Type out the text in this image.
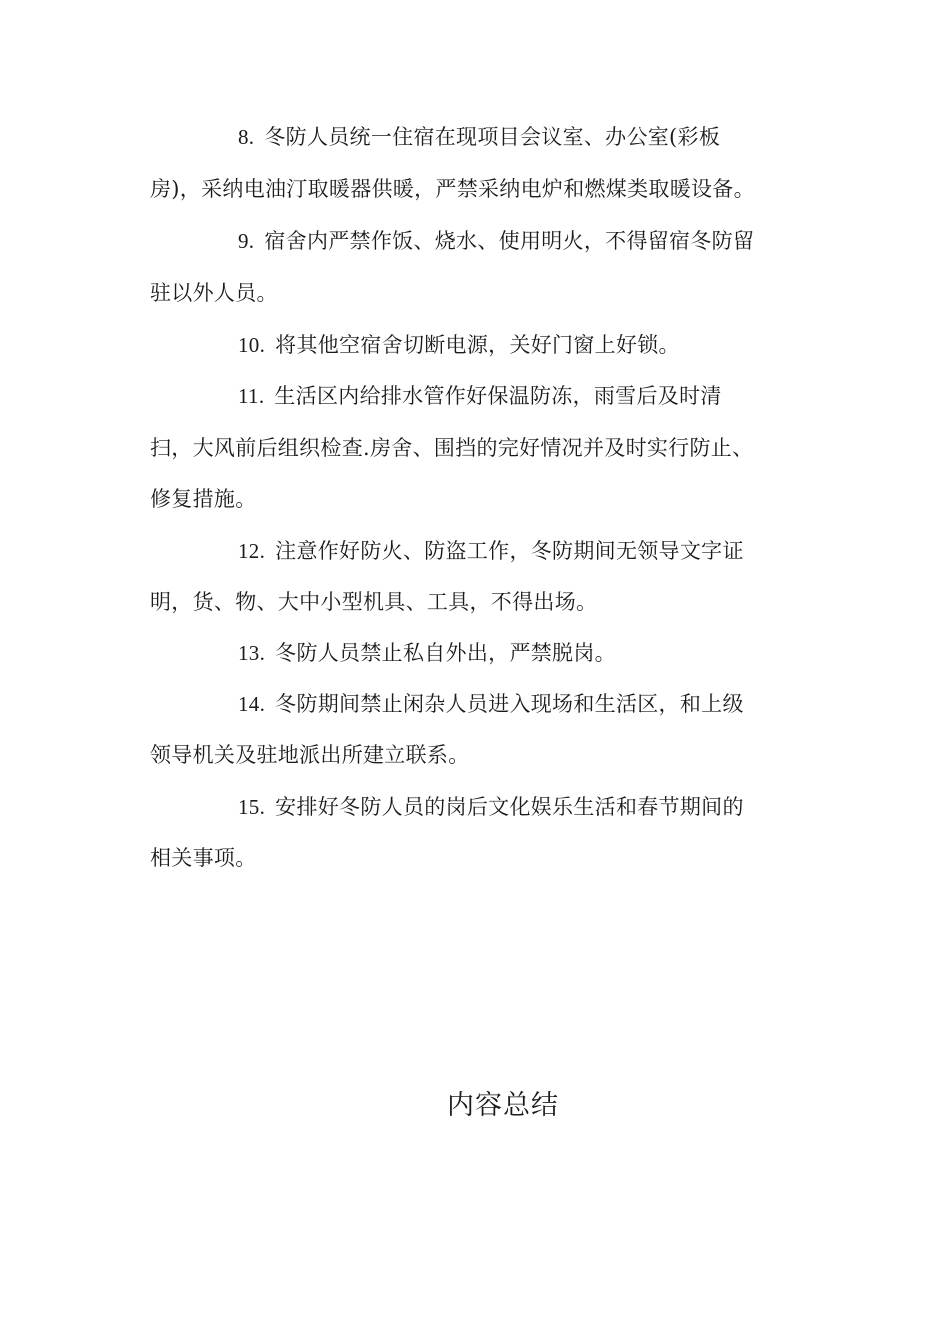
8. 冬防人员统一住宿在现项目会议室、办公室(彩板
房)，采纳电油汀取暖器供暖，严禁采纳电炉和燃煤类取暖设备。
9. 宿舍内严禁作饭、烧水、使用明火，不得留宿冬防留
驻以外人员。
10. 将其他空宿舍切断电源，关好门窗上好锁。
11. 生活区内给排水管作好保温防冻，雨雪后及时清
扫，大风前后组织检查.房舍、围挡的完好情况并及时实行防止、
修复措施。
12. 注意作好防火、防盗工作，冬防期间无领导文字证
明，货、物、大中小型机具、工具，不得出场。
13. 冬防人员禁止私自外出，严禁脱岗。
14. 冬防期间禁止闲杂人员进入现场和生活区，和上级
领导机关及驻地派出所建立联系。
15. 安排好冬防人员的岗后文化娱乐生活和春节期间的
相关事项。
内容总结
